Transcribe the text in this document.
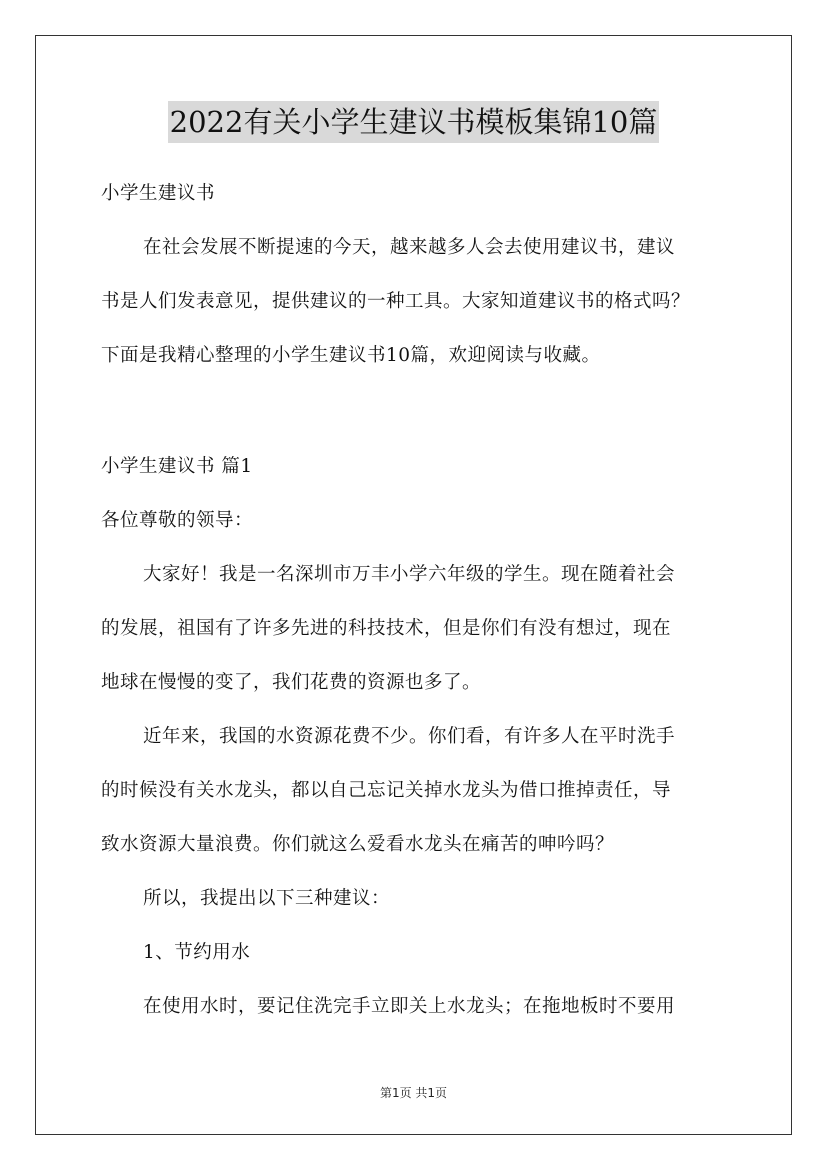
2022有关小学生建议书模板集锦10篇
小学生建议书
在社会发展不断提速的今天，越来越多人会去使用建议书，建议
书是人们发表意见，提供建议的一种工具。大家知道建议书的格式吗？
下面是我精心整理的小学生建议书10篇，欢迎阅读与收藏。
小学生建议书 篇1
各位尊敬的领导：
大家好！我是一名深圳市万丰小学六年级的学生。现在随着社会
的发展，祖国有了许多先进的科技技术，但是你们有没有想过，现在
地球在慢慢的变了，我们花费的资源也多了。
近年来，我国的水资源花费不少。你们看，有许多人在平时洗手
的时候没有关水龙头，都以自己忘记关掉水龙头为借口推掉责任，导
致水资源大量浪费。你们就这么爱看水龙头在痛苦的呻吟吗？
所以，我提出以下三种建议：
1、节约用水
在使用水时，要记住洗完手立即关上水龙头；在拖地板时不要用
第1页 共1页
